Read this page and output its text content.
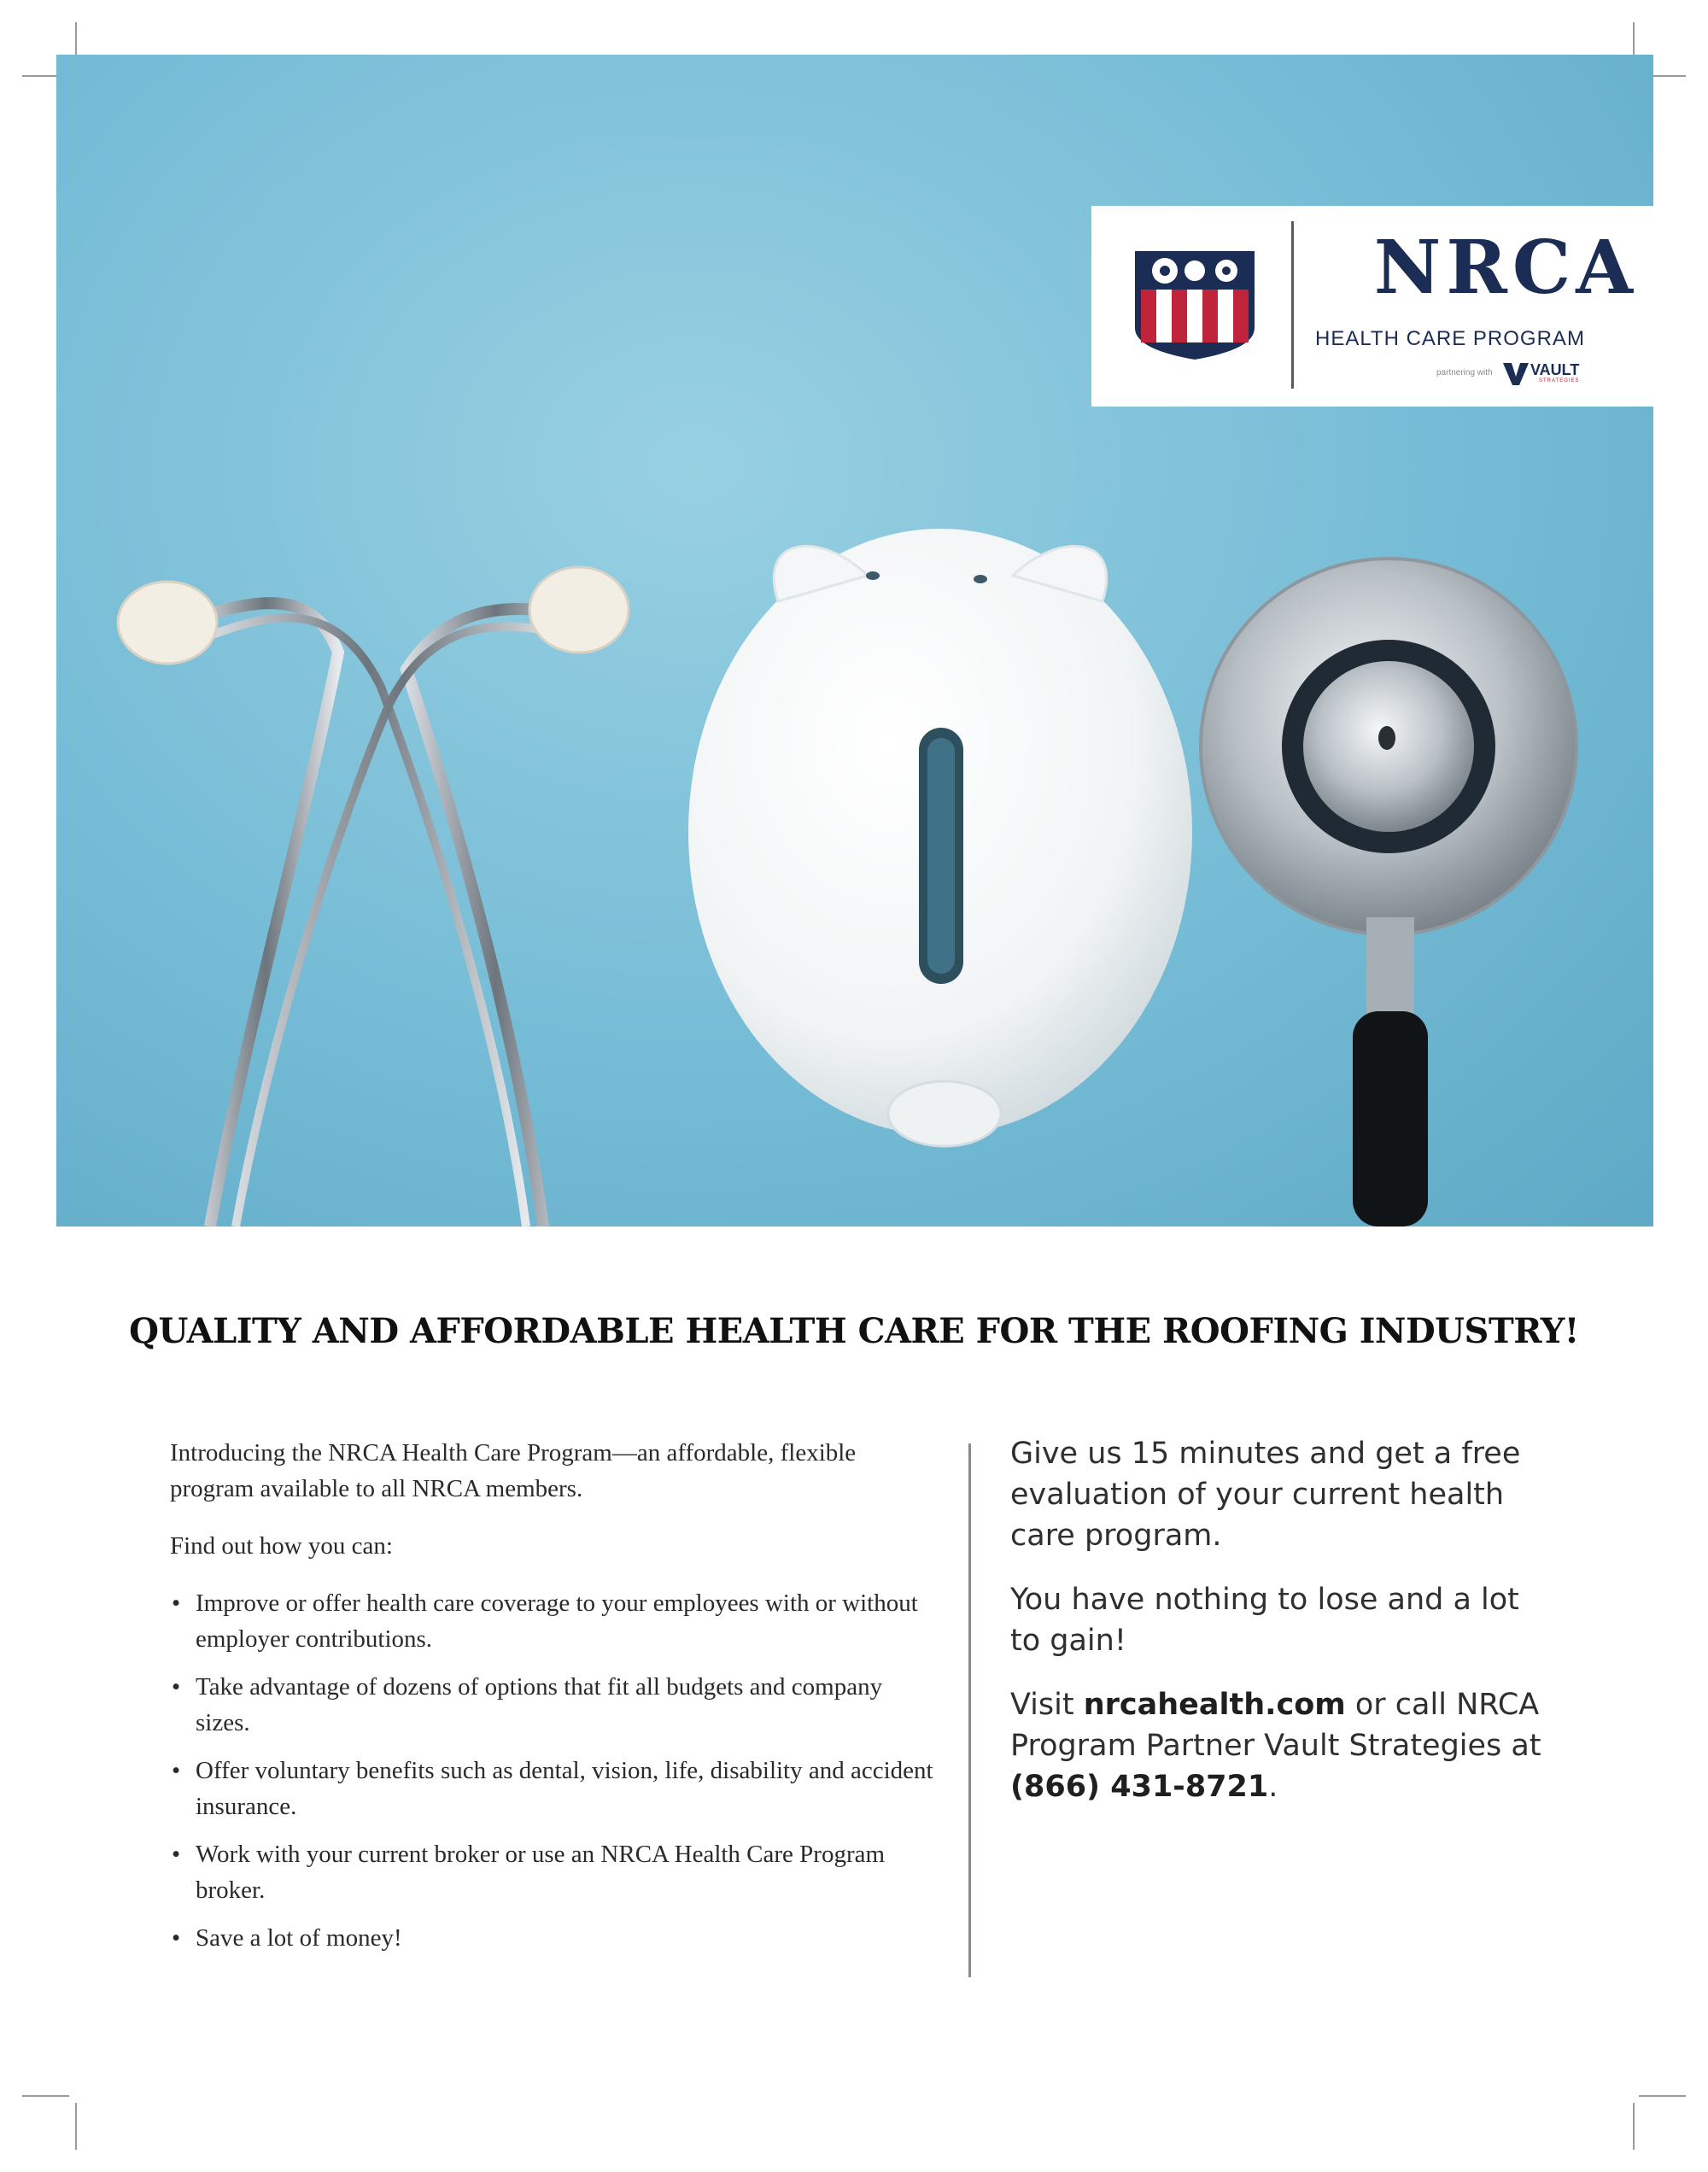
NRCA
HEALTH CARE PROGRAM
partnering with VAULT
STRATEGIES
QUALITY AND AFFORDABLE HEALTH CARE FOR THE ROOFING INDUSTRY!

Introducing the NRCA Health Care Program—an affordable, flexible program available to all NRCA members.

Find out how you can:

• Improve or offer health care coverage to your employees with or without employer contributions.
• Take advantage of dozens of options that fit all budgets and company sizes.
• Offer voluntary benefits such as dental, vision, life, disability and accident insurance.
• Work with your current broker or use an NRCA Health Care Program broker.
• Save a lot of money!

Give us 15 minutes and get a free evaluation of your current health care program.

You have nothing to lose and a lot to gain!

Visit nrcahealth.com or call NRCA Program Partner Vault Strategies at (866) 431-8721.
